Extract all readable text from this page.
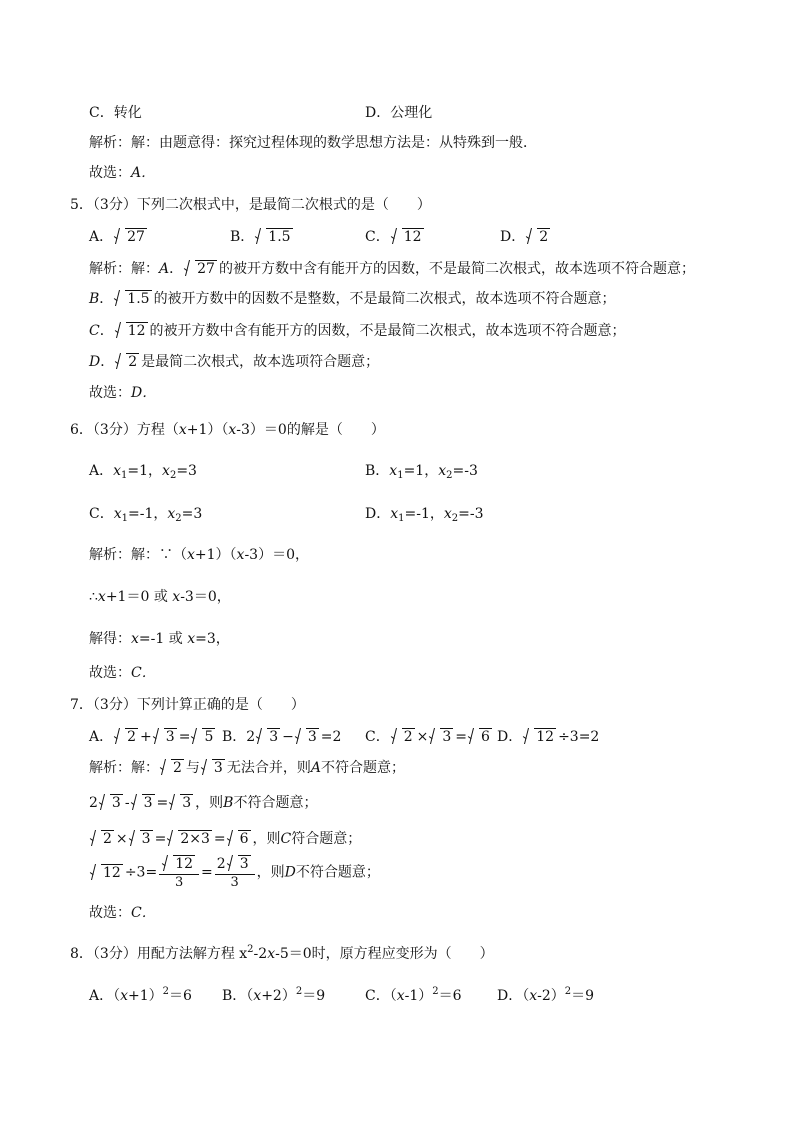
C．转化	D．公理化
解析：解：由题意得：探究过程体现的数学思想方法是：从特殊到一般．
故选：A．
5．（3分）下列二次根式中，是最简二次根式的是（　　）
A． 27	B． 1.5	C． 12	D． 2
解析：解：A． 27 的被开方数中含有能开方的因数，不是最简二次根式，故本选项不符合题意；
B． 1.5 的被开方数中的因数不是整数，不是最简二次根式，故本选项不符合题意；
C． 12 的被开方数中含有能开方的因数，不是最简二次根式，故本选项不符合题意；
D． 2 是最简二次根式，故本选项符合题意；
故选：D．
6．（3分）方程（x+1）（x-3）＝0的解是（　　）
A．$x_1=1$，$x_2=3$	B．$x_1=1$，$x_2=-3$
C．$x_1=-1$，$x_2=3$	D．$x_1=-1$，$x_2=-3$
解析：解：∵（x+1）（x-3）＝0，
∴x+1＝0 或 x-3＝0，
解得：x=-1 或 x=3，
故选：C．
7．（3分）下列计算正确的是（　　）
A． 2 + 3 = 5 B．2 3 − 3 =2 C． 2 × 3 = 6 D． 12 ÷3=2
解析：解： 2 与 3 无法合并，则A不符合题意；
2 3 - 3 = 3 ，则B不符合题意；
2 × 3 = 2×3 = 6 ，则C符合题意；
$12 \div 3= \frac{12}{3} = \frac{2 3}{3}$ ，则D不符合题意；
故选：C．
8．（3分）用配方法解方程 $x^2-2x-5=0$时，原方程应变形为（　　）
A．$(x+1)^2=6$ B．$(x+2)^2=9$	C．$(x-1)^2=6$	D．$(x-2)^2=9$
